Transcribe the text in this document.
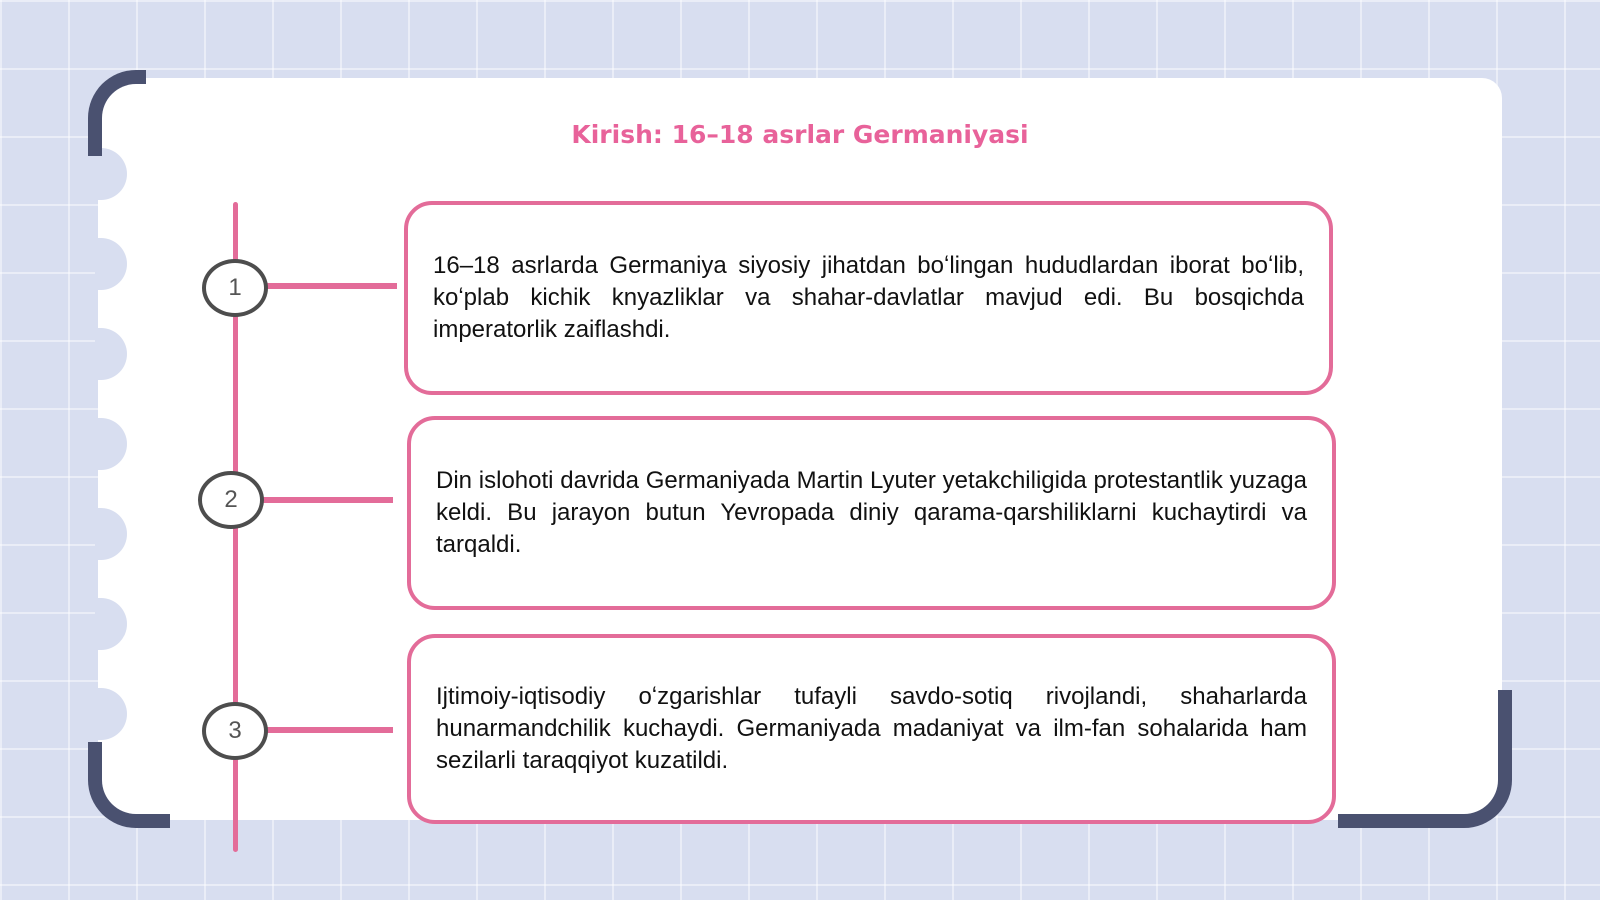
Kirish: 16–18 asrlar Germaniyasi
1
16–18 asrlarda Germaniya siyosiy jihatdan boʻlingan hududlardan iborat boʻlib, koʻplab kichik knyazliklar va shahar-davlatlar mavjud edi. Bu bosqichda imperatorlik zaiflashdi.
2
Din islohoti davrida Germaniyada Martin Lyuter yetakchiligida protestantlik yuzaga keldi. Bu jarayon butun Yevropada diniy qarama-qarshiliklarni kuchaytirdi va tarqaldi.
3
Ijtimoiy-iqtisodiy oʻzgarishlar tufayli savdo-sotiq rivojlandi, shaharlarda hunarmandchilik kuchaydi. Germaniyada madaniyat va ilm-fan sohalarida ham sezilarli taraqqiyot kuzatildi.
